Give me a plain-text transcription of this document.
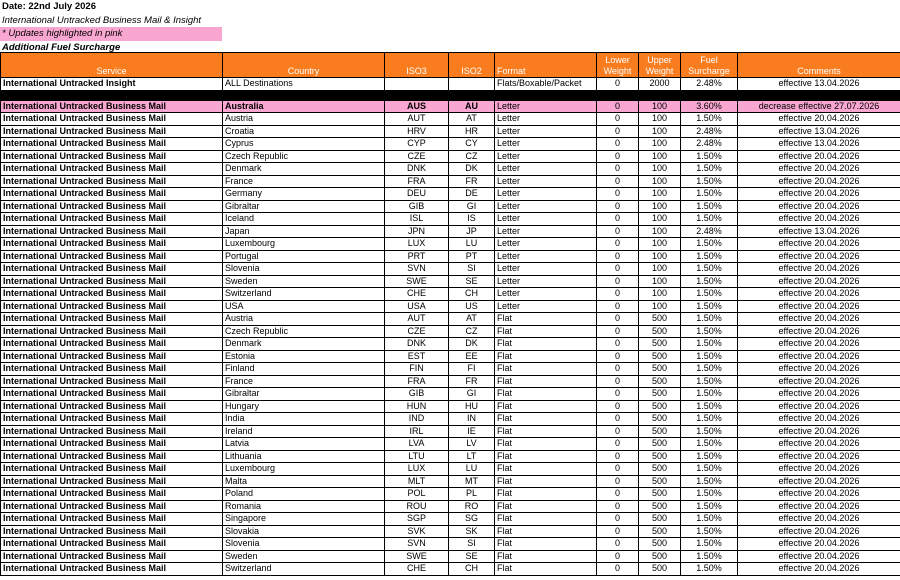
Date: 22nd July 2026
International Untracked Business Mail & Insight
* Updates highlighted in pink
Additional Fuel Surcharge
Service	Country	ISO3	ISO2	Format	Lower Weight	Upper Weight	Fuel Surcharge	Comments
International Untracked Insight	ALL Destinations			Flats/Boxable/Packet	0	2000	2.48%	effective 13.04.2026

International Untracked Business Mail	Australia	AUS	AU	Letter	0	100	3.60%	decrease effective 27.07.2026
International Untracked Business Mail	Austria	AUT	AT	Letter	0	100	1.50%	effective 20.04.2026
International Untracked Business Mail	Croatia	HRV	HR	Letter	0	100	2.48%	effective 13.04.2026
International Untracked Business Mail	Cyprus	CYP	CY	Letter	0	100	2.48%	effective 13.04.2026
International Untracked Business Mail	Czech Republic	CZE	CZ	Letter	0	100	1.50%	effective 20.04.2026
International Untracked Business Mail	Denmark	DNK	DK	Letter	0	100	1.50%	effective 20.04.2026
International Untracked Business Mail	France	FRA	FR	Letter	0	100	1.50%	effective 20.04.2026
International Untracked Business Mail	Germany	DEU	DE	Letter	0	100	1.50%	effective 20.04.2026
International Untracked Business Mail	Gibraltar	GIB	GI	Letter	0	100	1.50%	effective 20.04.2026
International Untracked Business Mail	Iceland	ISL	IS	Letter	0	100	1.50%	effective 20.04.2026
International Untracked Business Mail	Japan	JPN	JP	Letter	0	100	2.48%	effective 13.04.2026
International Untracked Business Mail	Luxembourg	LUX	LU	Letter	0	100	1.50%	effective 20.04.2026
International Untracked Business Mail	Portugal	PRT	PT	Letter	0	100	1.50%	effective 20.04.2026
International Untracked Business Mail	Slovenia	SVN	SI	Letter	0	100	1.50%	effective 20.04.2026
International Untracked Business Mail	Sweden	SWE	SE	Letter	0	100	1.50%	effective 20.04.2026
International Untracked Business Mail	Switzerland	CHE	CH	Letter	0	100	1.50%	effective 20.04.2026
International Untracked Business Mail	USA	USA	US	Letter	0	100	1.50%	effective 20.04.2026
International Untracked Business Mail	Austria	AUT	AT	Flat	0	500	1.50%	effective 20.04.2026
International Untracked Business Mail	Czech Republic	CZE	CZ	Flat	0	500	1.50%	effective 20.04.2026
International Untracked Business Mail	Denmark	DNK	DK	Flat	0	500	1.50%	effective 20.04.2026
International Untracked Business Mail	Estonia	EST	EE	Flat	0	500	1.50%	effective 20.04.2026
International Untracked Business Mail	Finland	FIN	FI	Flat	0	500	1.50%	effective 20.04.2026
International Untracked Business Mail	France	FRA	FR	Flat	0	500	1.50%	effective 20.04.2026
International Untracked Business Mail	Gibraltar	GIB	GI	Flat	0	500	1.50%	effective 20.04.2026
International Untracked Business Mail	Hungary	HUN	HU	Flat	0	500	1.50%	effective 20.04.2026
International Untracked Business Mail	India	IND	IN	Flat	0	500	1.50%	effective 20.04.2026
International Untracked Business Mail	Ireland	IRL	IE	Flat	0	500	1.50%	effective 20.04.2026
International Untracked Business Mail	Latvia	LVA	LV	Flat	0	500	1.50%	effective 20.04.2026
International Untracked Business Mail	Lithuania	LTU	LT	Flat	0	500	1.50%	effective 20.04.2026
International Untracked Business Mail	Luxembourg	LUX	LU	Flat	0	500	1.50%	effective 20.04.2026
International Untracked Business Mail	Malta	MLT	MT	Flat	0	500	1.50%	effective 20.04.2026
International Untracked Business Mail	Poland	POL	PL	Flat	0	500	1.50%	effective 20.04.2026
International Untracked Business Mail	Romania	ROU	RO	Flat	0	500	1.50%	effective 20.04.2026
International Untracked Business Mail	Singapore	SGP	SG	Flat	0	500	1.50%	effective 20.04.2026
International Untracked Business Mail	Slovakia	SVK	SK	Flat	0	500	1.50%	effective 20.04.2026
International Untracked Business Mail	Slovenia	SVN	SI	Flat	0	500	1.50%	effective 20.04.2026
International Untracked Business Mail	Sweden	SWE	SE	Flat	0	500	1.50%	effective 20.04.2026
International Untracked Business Mail	Switzerland	CHE	CH	Flat	0	500	1.50%	effective 20.04.2026
